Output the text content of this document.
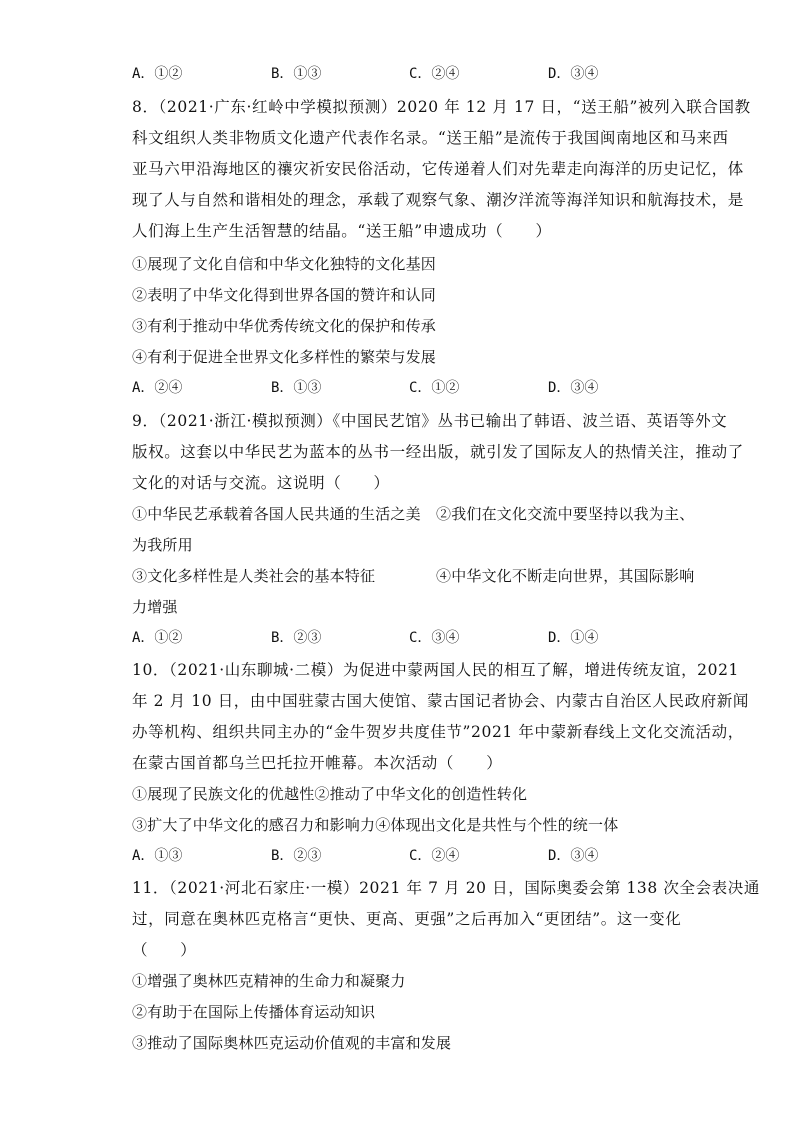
A．①②	B．①③	C．②④	D．③④
8．（2021·广东·红岭中学模拟预测）2020 年 12 月 17 日，“送王船”被列入联合国教
科文组织人类非物质文化遗产代表作名录。“送王船”是流传于我国闽南地区和马来西
亚马六甲沿海地区的禳灾祈安民俗活动，它传递着人们对先辈走向海洋的历史记忆，体
现了人与自然和谐相处的理念，承载了观察气象、潮汐洋流等海洋知识和航海技术，是
人们海上生产生活智慧的结晶。“送王船”申遗成功（　　）
①展现了文化自信和中华文化独特的文化基因
②表明了中华文化得到世界各国的赞许和认同
③有利于推动中华优秀传统文化的保护和传承
④有利于促进全世界文化多样性的繁荣与发展
A．②④	B．①③	C．①②	D．③④
9．（2021·浙江·模拟预测）《中国民艺馆》丛书已输出了韩语、波兰语、英语等外文
版权。这套以中华民艺为蓝本的丛书一经出版，就引发了国际友人的热情关注，推动了
文化的对话与交流。这说明（　　）
①中华民艺承载着各国人民共通的生活之美　②我们在文化交流中要坚持以我为主、
为我所用
③文化多样性是人类社会的基本特征　　　　④中华文化不断走向世界，其国际影响
力增强
A．①②	B．②③	C．③④	D．①④
10．（2021·山东聊城·二模）为促进中蒙两国人民的相互了解，增进传统友谊，2021
年 2 月 10 日，由中国驻蒙古国大使馆、蒙古国记者协会、内蒙古自治区人民政府新闻
办等机构、组织共同主办的“金牛贺岁共度佳节”2021 年中蒙新春线上文化交流活动，
在蒙古国首都乌兰巴托拉开帷幕。本次活动（　　）
①展现了民族文化的优越性②推动了中华文化的创造性转化
③扩大了中华文化的感召力和影响力④体现出文化是共性与个性的统一体
A．①③	B．②③	C．②④	D．③④
11．（2021·河北石家庄·一模）2021 年 7 月 20 日，国际奥委会第 138 次全会表决通
过，同意在奥林匹克格言“更快、更高、更强”之后再加入“更团结”。这一变化
（　　）
①增强了奥林匹克精神的生命力和凝聚力
②有助于在国际上传播体育运动知识
③推动了国际奥林匹克运动价值观的丰富和发展
